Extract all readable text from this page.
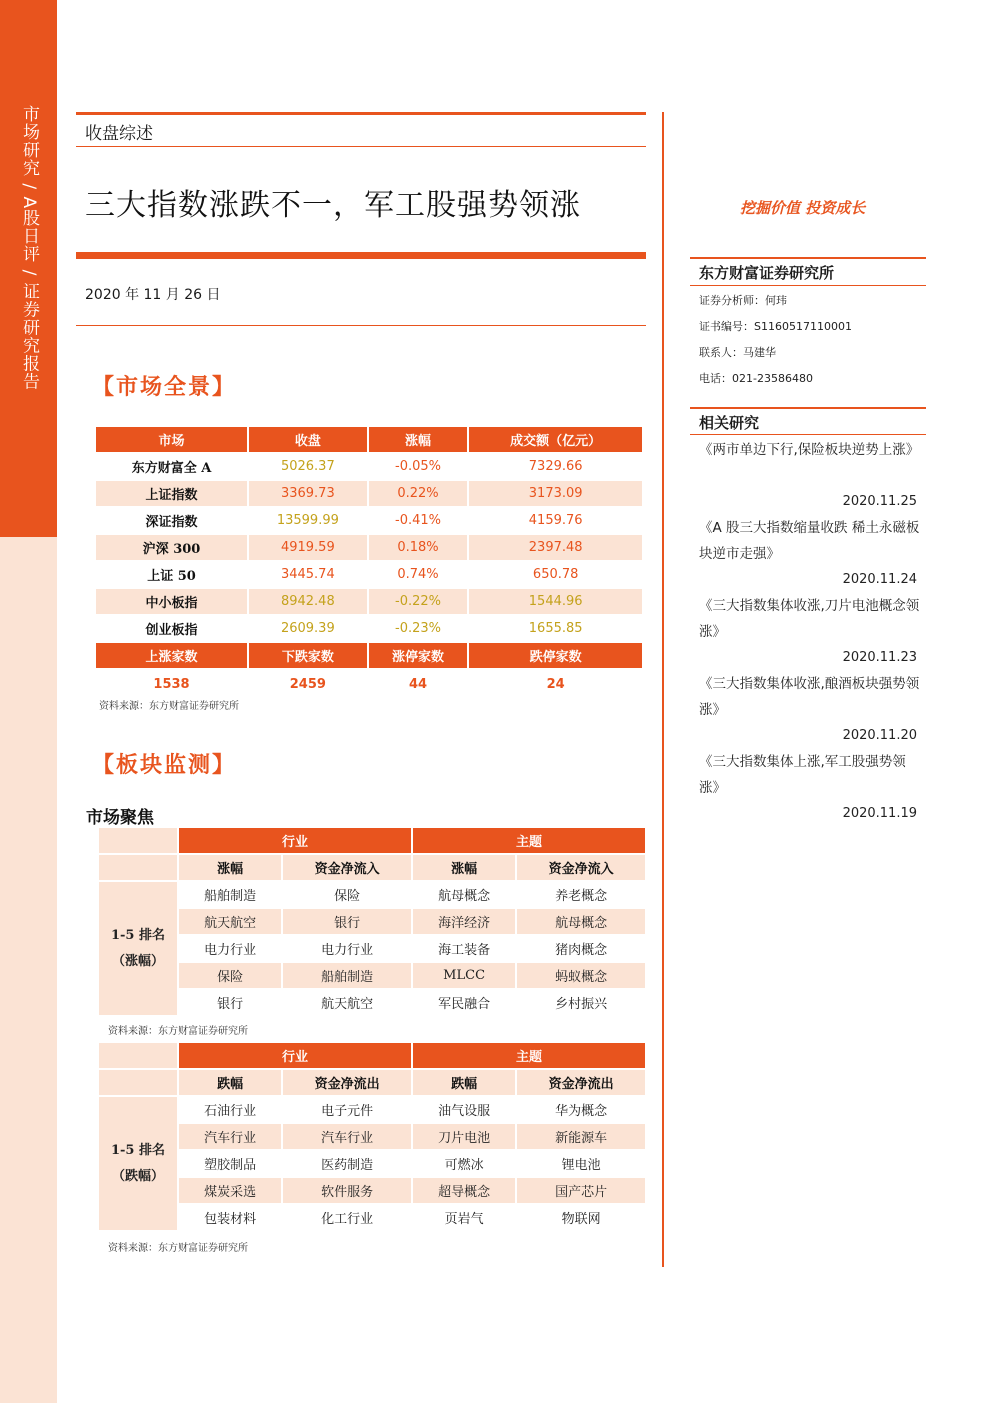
市场研究 / A股日评 / 证券研究报告	收盘综述
三大指数涨跌不一，军工股强势领涨
2020 年 11 月 26 日
【市场全景】
市场	收盘	涨幅	成交额（亿元）
东方财富全 A	5026.37	-0.05%	7329.66
上证指数	3369.73	0.22%	3173.09
深证指数	13599.99	-0.41%	4159.76
沪深 300	4919.59	0.18%	2397.48
上证 50	3445.74	0.74%	650.78
中小板指	8942.48	-0.22%	1544.96
创业板指	2609.39	-0.23%	1655.85
上涨家数	下跌家数	涨停家数	跌停家数
1538	2459	44	24
资料来源：东方财富证券研究所
【板块监测】
市场聚焦
	行业		主题	
	涨幅	资金净流入	涨幅	资金净流入

1-5 排名
（涨幅）	船舶制造	保险	航母概念	养老概念
	航天航空	银行	海洋经济	航母概念
	电力行业	电力行业	海工装备	猪肉概念
	保险	船舶制造	MLCC	蚂蚁概念
	银行	航天航空	军民融合	乡村振兴
资料来源：东方财富证券研究所
	行业		主题	
	跌幅	资金净流出	跌幅	资金净流出

1-5 排名
（跌幅）	石油行业	电子元件	油气设服	华为概念
	汽车行业	汽车行业	刀片电池	新能源车
	塑胶制品	医药制造	可燃冰	锂电池
	煤炭采选	软件服务	超导概念	国产芯片
	包装材料	化工行业	页岩气	物联网
资料来源：东方财富证券研究所
挖掘价值 投资成长
东方财富证券研究所
证券分析师：何玮
证书编号：S1160517110001
联系人：马建华
电话：021-23586480
相关研究
《两市单边下行,保险板块逆势上涨》
2020.11.25
《A 股三大指数缩量收跌 稀土永磁板块逆市走强》
2020.11.24
《三大指数集体收涨,刀片电池概念领涨》
2020.11.23
《三大指数集体收涨,酿酒板块强势领涨》
2020.11.20
《三大指数集体上涨,军工股强势领涨》
2020.11.19
